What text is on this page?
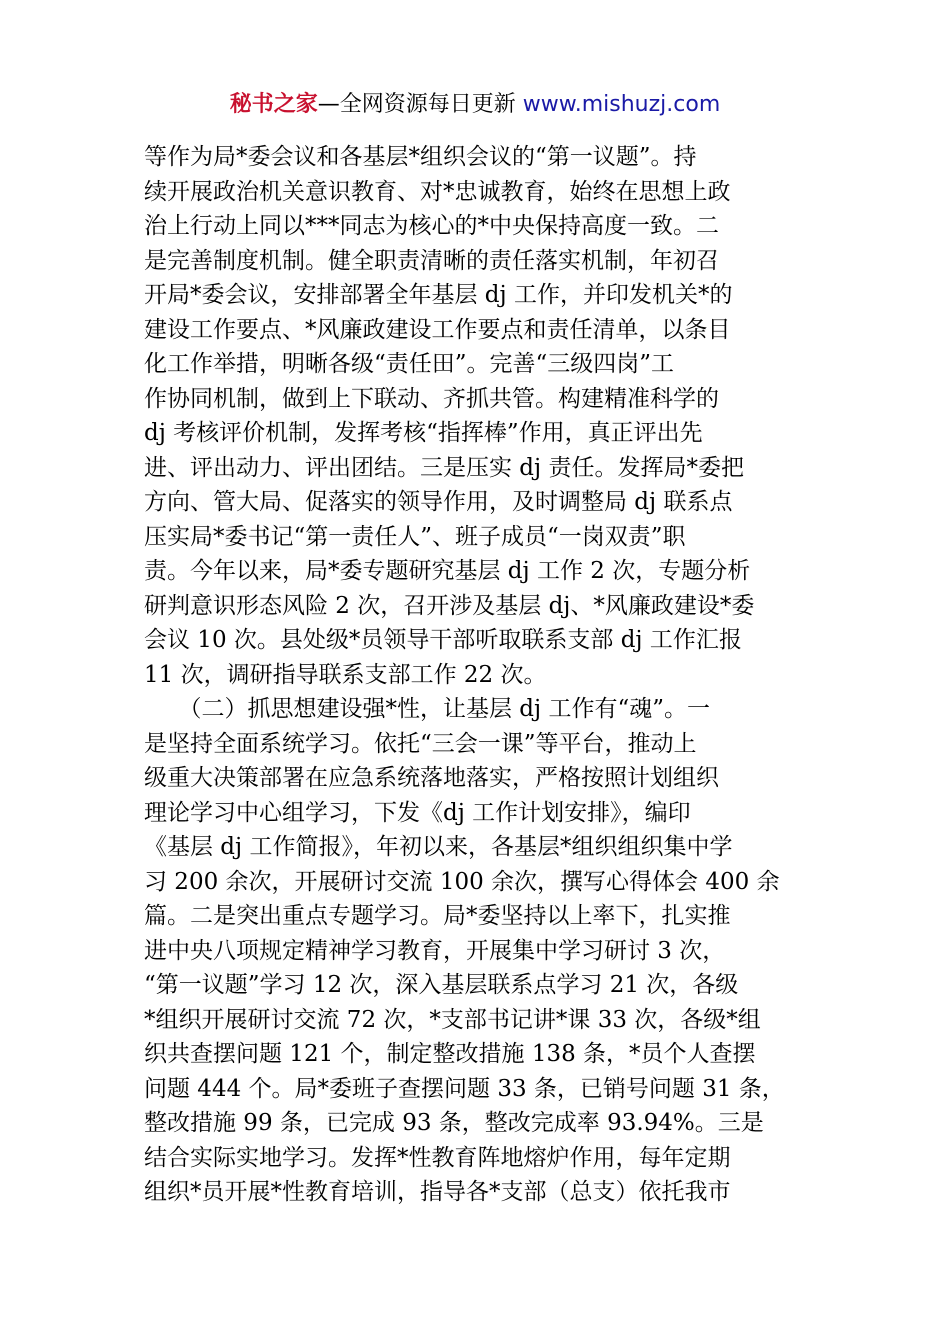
秘书之家—全网资源每日更新 www.mishuzj.com
等作为局*委会议和各基层*组织会议的“第一议题”。持
续开展政治机关意识教育、对*忠诚教育，始终在思想上政
治上行动上同以***同志为核心的*中央保持高度一致。二
是完善制度机制。健全职责清晰的责任落实机制，年初召
开局*委会议，安排部署全年基层 dj 工作，并印发机关*的
建设工作要点、*风廉政建设工作要点和责任清单，以条目
化工作举措，明晰各级“责任田”。完善“三级四岗”工
作协同机制，做到上下联动、齐抓共管。构建精准科学的
dj 考核评价机制，发挥考核“指挥棒”作用，真正评出先
进、评出动力、评出团结。三是压实 dj 责任。发挥局*委把
方向、管大局、促落实的领导作用，及时调整局 dj 联系点
压实局*委书记“第一责任人”、班子成员“一岗双责”职
责。今年以来，局*委专题研究基层 dj 工作 2 次，专题分析
研判意识形态风险 2 次，召开涉及基层 dj、*风廉政建设*委
会议 10 次。县处级*员领导干部听取联系支部 dj 工作汇报
11 次，调研指导联系支部工作 22 次。
　　（二）抓思想建设强*性，让基层 dj 工作有“魂”。一
是坚持全面系统学习。依托“三会一课”等平台，推动上
级重大决策部署在应急系统落地落实，严格按照计划组织
理论学习中心组学习，下发《dj 工作计划安排》，编印
《基层 dj 工作简报》，年初以来，各基层*组织组织集中学
习 200 余次，开展研讨交流 100 余次，撰写心得体会 400 余
篇。二是突出重点专题学习。局*委坚持以上率下，扎实推
进中央八项规定精神学习教育，开展集中学习研讨 3 次，
“第一议题”学习 12 次，深入基层联系点学习 21 次，各级
*组织开展研讨交流 72 次，*支部书记讲*课 33 次，各级*组
织共查摆问题 121 个，制定整改措施 138 条，*员个人查摆
问题 444 个。局*委班子查摆问题 33 条，已销号问题 31 条，
整改措施 99 条，已完成 93 条，整改完成率 93.94%。三是
结合实际实地学习。发挥*性教育阵地熔炉作用，每年定期
组织*员开展*性教育培训，指导各*支部（总支）依托我市
